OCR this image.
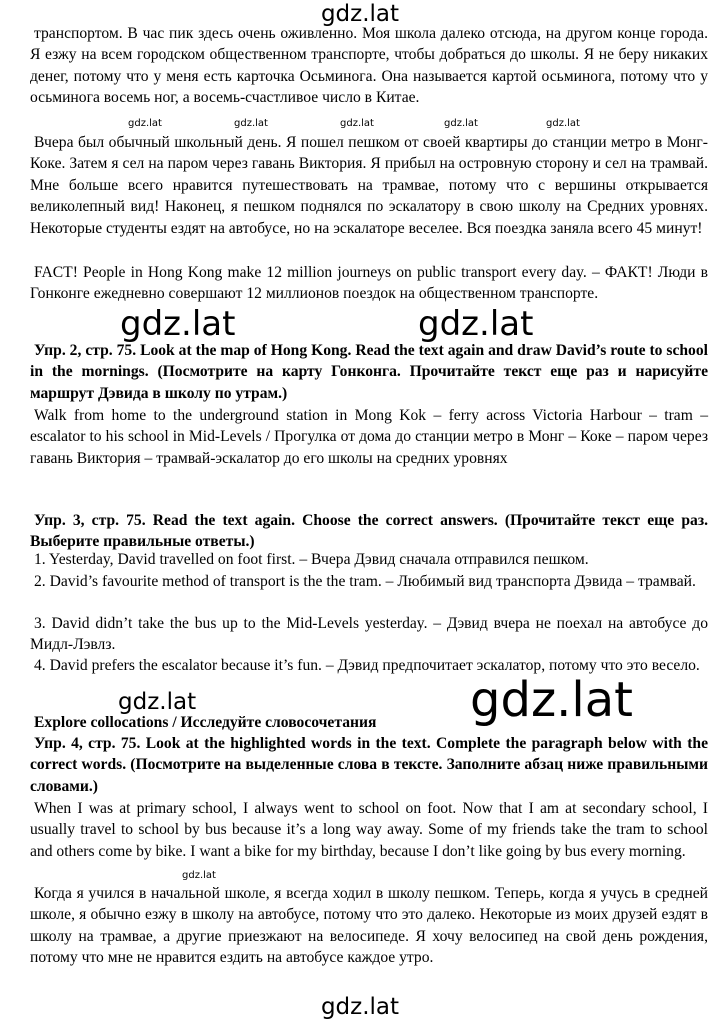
gdz.lat
транспортом. В час пик здесь очень оживленно. Моя школа далеко отсюда, на другом конце города. Я езжу на всем городском общественном транспорте, чтобы добраться до школы. Я не беру никаких денег, потому что у меня есть карточка Осьминога. Она называется картой осьминога, потому что у осьминога восемь ног, а восемь-счастливое число в Китае.
gdz.lat	gdz.lat	gdz.lat	gdz.lat	gdz.lat
Вчера был обычный школьный день. Я пошел пешком от своей квартиры до станции метро в Монг-Коке. Затем я сел на паром через гавань Виктория. Я прибыл на островную сторону и сел на трамвай. Мне больше всего нравится путешествовать на трамвае, потому что с вершины открывается великолепный вид! Наконец, я пешком поднялся по эскалатору в свою школу на Средних уровнях. Некоторые студенты ездят на автобусе, но на эскалаторе веселее. Вся поездка заняла всего 45 минут!
FACT! People in Hong Kong make 12 million journeys on public transport every day. – ФАКТ! Люди в Гонконге ежедневно совершают 12 миллионов поездок на общественном транспорте.
gdz.lat	gdz.lat
Упр. 2, стр. 75. Look at the map of Hong Kong. Read the text again and draw David’s route to school in the mornings. (Посмотрите на карту Гонконга. Прочитайте текст еще раз и нарисуйте маршрут Дэвида в школу по утрам.)
Walk from home to the underground station in Mong Kok – ferry across Victoria Harbour – tram – escalator to his school in Mid-Levels / Прогулка от дома до станции метро в Монг – Коке – паром через гавань Виктория – трамвай-эскалатор до его школы на средних уровнях
Упр. 3, стр. 75. Read the text again. Choose the correct answers. (Прочитайте текст еще раз. Выберите правильные ответы.)
1. Yesterday, David travelled on foot first. – Вчера Дэвид сначала отправился пешком.
2. David’s favourite method of transport is the the tram. – Любимый вид транспорта Дэвида – трамвай.
3. David didn’t take the bus up to the Mid-Levels yesterday. – Дэвид вчера не поехал на автобусе до Мидл-Лэвлз.
4. David prefers the escalator because it’s fun. – Дэвид предпочитает эскалатор, потому что это весело.
gdz.lat	gdz.lat
Explore collocations / Исследуйте словосочетания
Упр. 4, стр. 75. Look at the highlighted words in the text. Complete the paragraph below with the correct words. (Посмотрите на выделенные слова в тексте. Заполните абзац ниже правильными словами.)
When I was at primary school, I always went to school on foot. Now that I am at secondary school, I usually travel to school by bus because it’s a long way away. Some of my friends take the tram to school and others come by bike. I want a bike for my birthday, because I don’t like going by bus every morning.
gdz.lat
Когда я учился в начальной школе, я всегда ходил в школу пешком. Теперь, когда я учусь в средней школе, я обычно езжу в школу на автобусе, потому что это далеко. Некоторые из моих друзей ездят в школу на трамвае, а другие приезжают на велосипеде. Я хочу велосипед на свой день рождения, потому что мне не нравится ездить на автобусе каждое утро.
gdz.lat
